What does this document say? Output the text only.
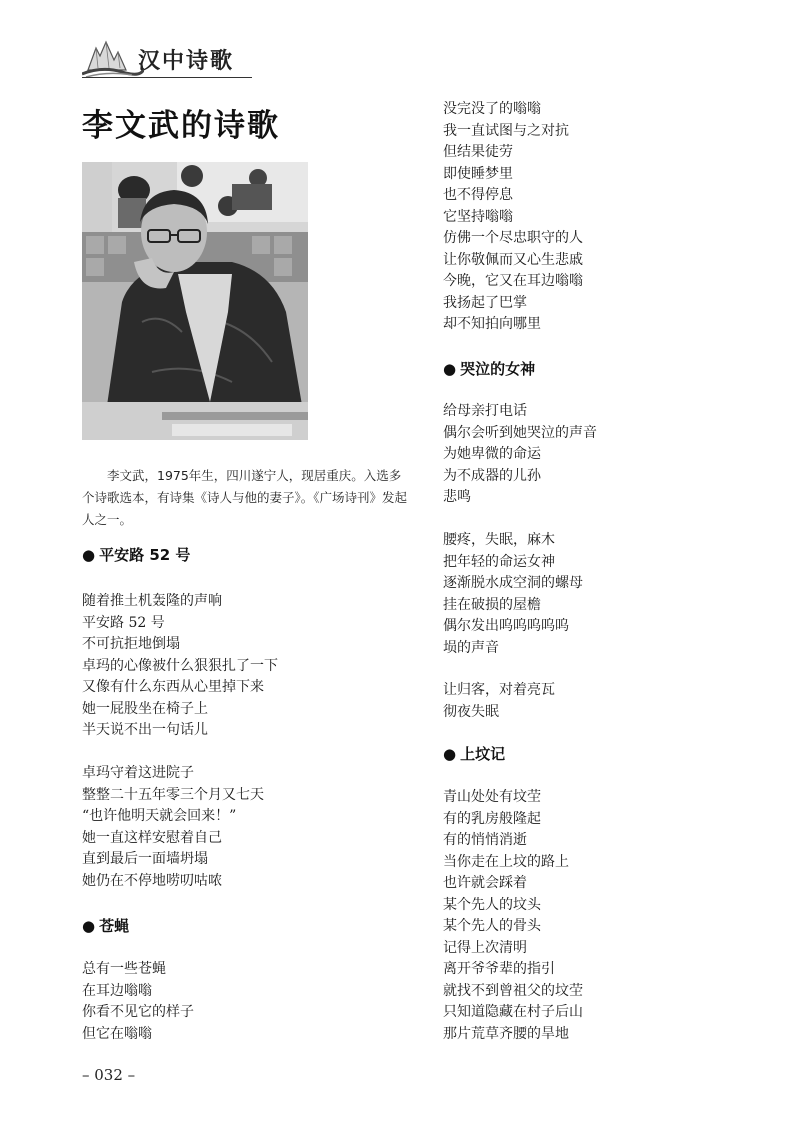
汉中诗歌
李文武的诗歌

李文武，1975年生，四川遂宁人，现居重庆。入选多个诗歌选本，有诗集《诗人与他的妻子》。《广场诗刊》发起人之一。

● 平安路 52 号
随着推土机轰隆的声响
平安路 52 号
不可抗拒地倒塌
卓玛的心像被什么狠狠扎了一下
又像有什么东西从心里掉下来
她一屁股坐在椅子上
半天说不出一句话儿
卓玛守着这进院子
整整二十五年零三个月又七天
“也许他明天就会回来！”
她一直这样安慰着自己
直到最后一面墙坍塌
她仍在不停地唠叨咕哝
● 苍蝇
总有一些苍蝇
在耳边嗡嗡
你看不见它的样子
但它在嗡嗡
没完没了的嗡嗡
我一直试图与之对抗
但结果徒劳
即使睡梦里
也不得停息
它坚持嗡嗡
仿佛一个尽忠职守的人
让你敬佩而又心生悲戚
今晚，它又在耳边嗡嗡
我扬起了巴掌
却不知拍向哪里
● 哭泣的女神
给母亲打电话
偶尔会听到她哭泣的声音
为她卑微的命运
为不成器的儿孙
悲鸣
腰疼，失眠，麻木
把年轻的命运女神
逐渐脱水成空洞的螺母
挂在破损的屋檐
偶尔发出呜呜呜呜呜
埙的声音
让归客，对着亮瓦
彻夜失眠
● 上坟记
青山处处有坟茔
有的乳房般隆起
有的悄悄消逝
当你走在上坟的路上
也许就会踩着
某个先人的坟头
某个先人的骨头
记得上次清明
离开爷爷辈的指引
就找不到曾祖父的坟茔
只知道隐藏在村子后山
那片荒草齐腰的旱地
– 032 –
